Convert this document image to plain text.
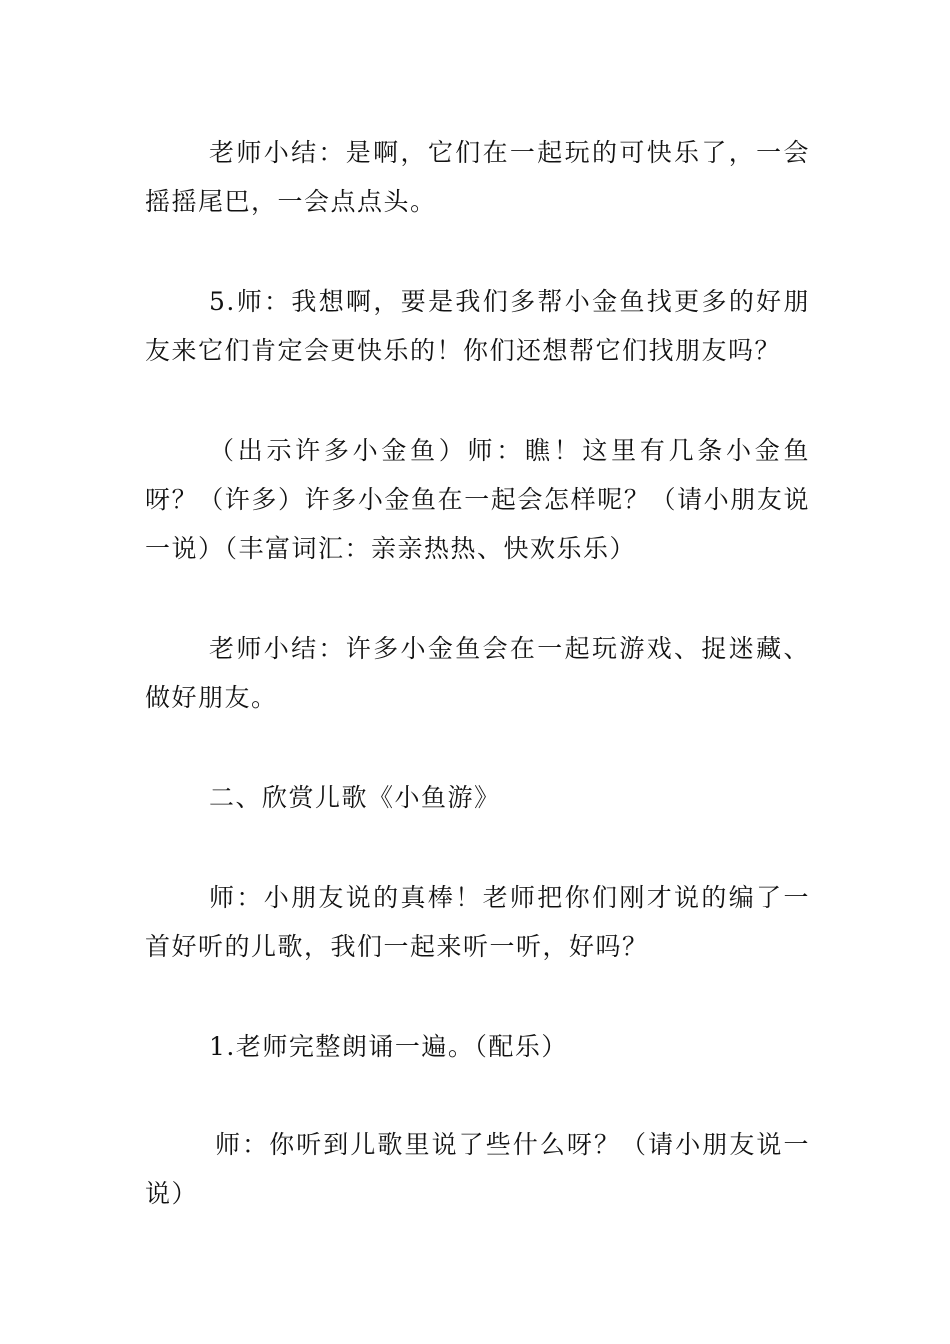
老师小结：是啊，它们在一起玩的可快乐了，一会摇摇尾巴，一会点点头。

5.师：我想啊，要是我们多帮小金鱼找更多的好朋友来它们肯定会更快乐的！你们还想帮它们找朋友吗？

（出示许多小金鱼）师：瞧！这里有几条小金鱼呀？（许多）许多小金鱼在一起会怎样呢？（请小朋友说一说）（丰富词汇：亲亲热热、快欢乐乐）

老师小结：许多小金鱼会在一起玩游戏、捉迷藏、做好朋友。

二、欣赏儿歌《小鱼游》

师：小朋友说的真棒！老师把你们刚才说的编了一首好听的儿歌，我们一起来听一听，好吗？

1.老师完整朗诵一遍。（配乐）

师：你听到儿歌里说了些什么呀？（请小朋友说一说）
